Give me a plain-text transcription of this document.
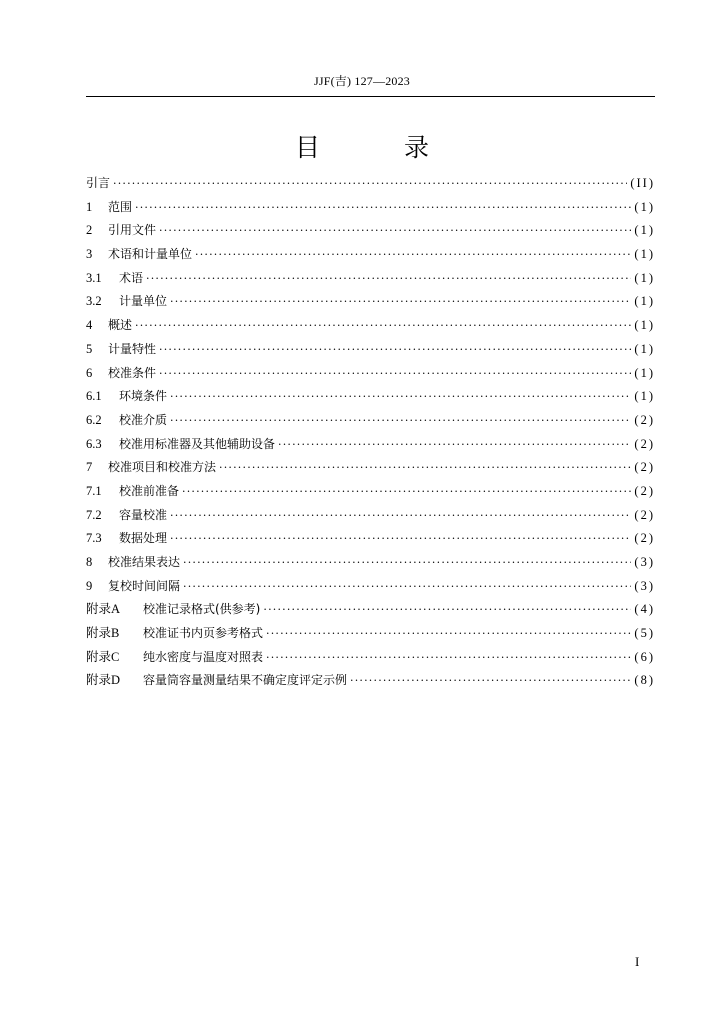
JJF(吉) 127—2023
目 录
引言 ·····	(II)
1	范围 ·····	(1)
2	引用文件 ·····	(1)
3	术语和计量单位 ·····	(1)
3.1	术语 ·····	(1)
3.2	计量单位 ·····	(1)
4	概述 ·····	(1)
5	计量特性 ·····	(1)
6	校准条件 ·····	(1)
6.1	环境条件 ·····	(1)
6.2	校准介质 ·····	(2)
6.3	校准用标准器及其他辅助设备 ·····	(2)
7	校准项目和校准方法 ·····	(2)
7.1	校准前准备 ·····	(2)
7.2	容量校准 ·····	(2)
7.3	数据处理 ·····	(2)
8	校准结果表达 ·····	(3)
9	复校时间间隔 ·····	(3)
附录A	校准记录格式(供参考) ·····	(4)
附录B	校准证书内页参考格式 ·····	(5)
附录C	纯水密度与温度对照表 ·····	(6)
附录D	容量筒容量测量结果不确定度评定示例 ·····	(8)
I
